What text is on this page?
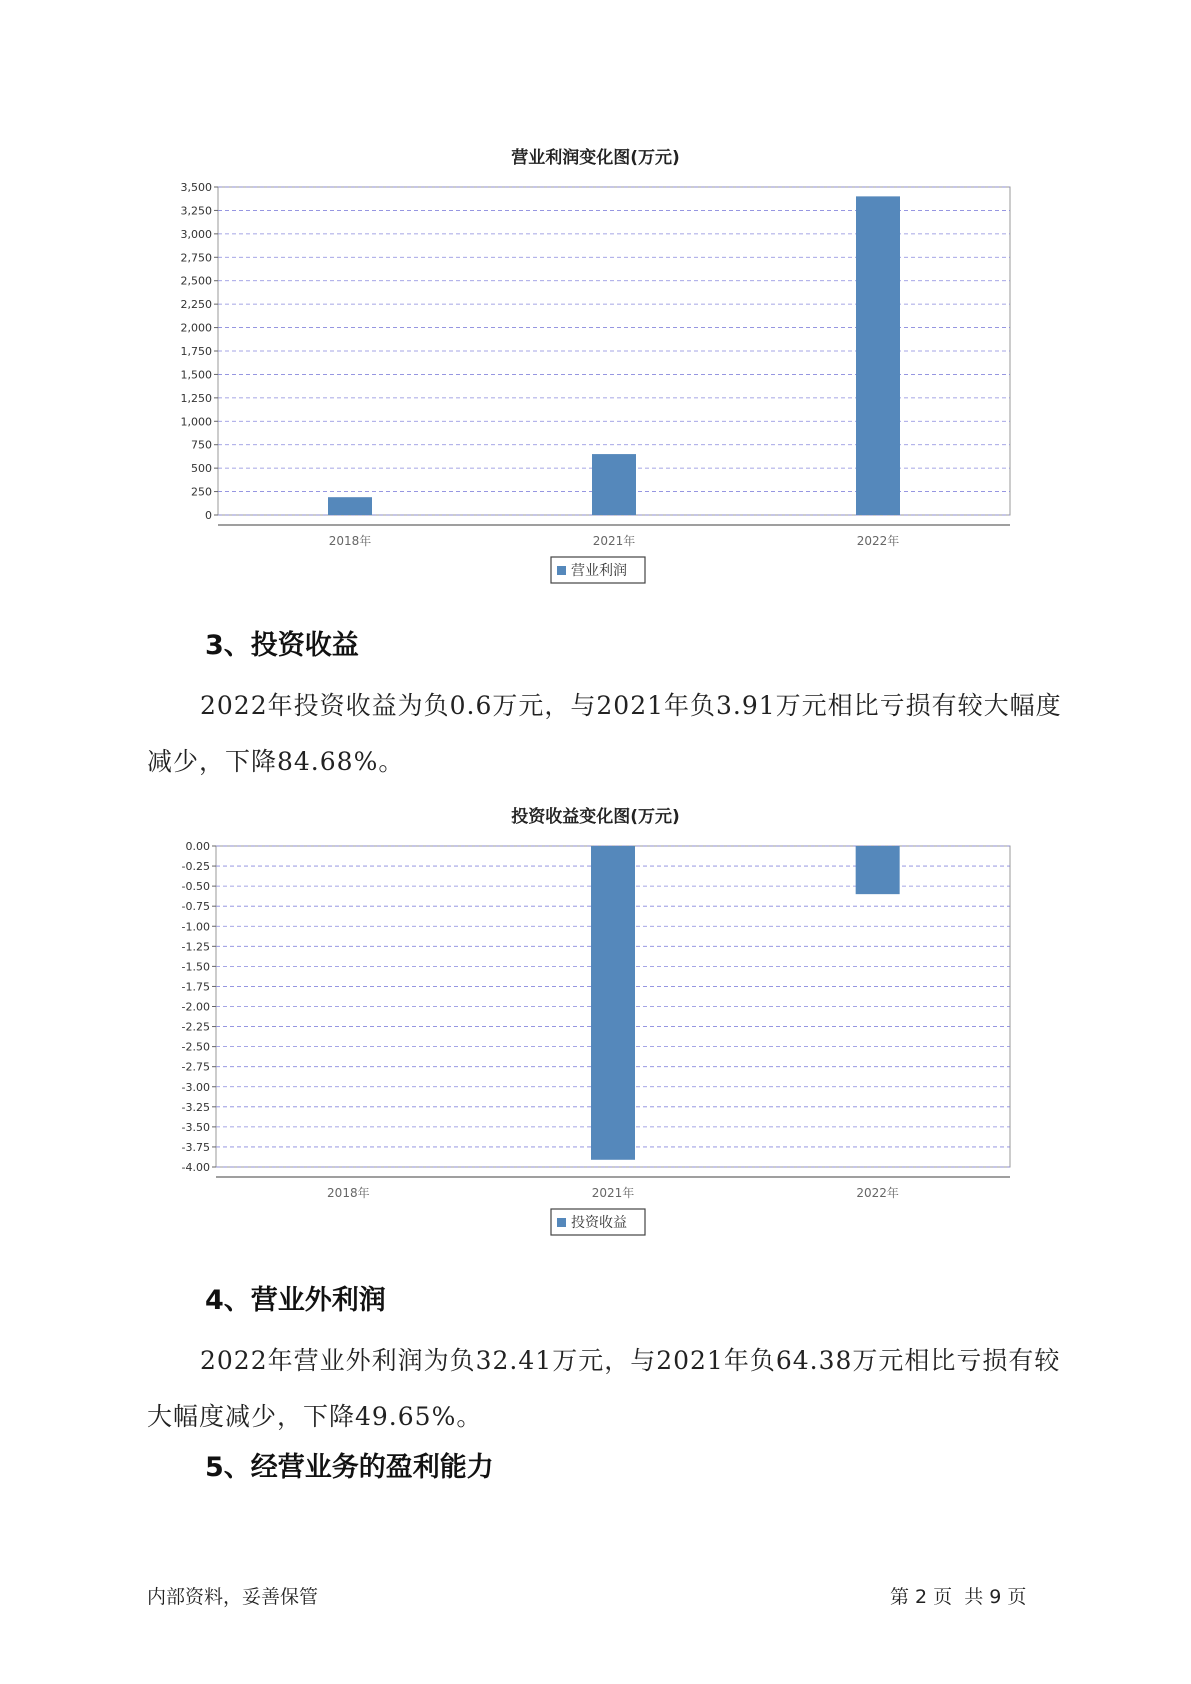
营业利润变化图(万元)
0
250
500
750
1,000
1,250
1,500
1,750
2,000
2,250
2,500
2,750
3,000
3,250
3,500
2018年	2021年	2022年
营业利润
3、投资收益
2022年投资收益为负0.6万元，与2021年负3.91万元相比亏损有较大幅度减少，下降84.68%。
投资收益变化图(万元)
0.00
-0.25
-0.50
-0.75
-1.00
-1.25
-1.50
-1.75
-2.00
-2.25
-2.50
-2.75
-3.00
-3.25
-3.50
-3.75
-4.00
2018年	2021年	2022年
投资收益
4、营业外利润
2022年营业外利润为负32.41万元，与2021年负64.38万元相比亏损有较大幅度减少，下降49.65%。
5、经营业务的盈利能力
内部资料，妥善保管	第 2 页  共 9 页
